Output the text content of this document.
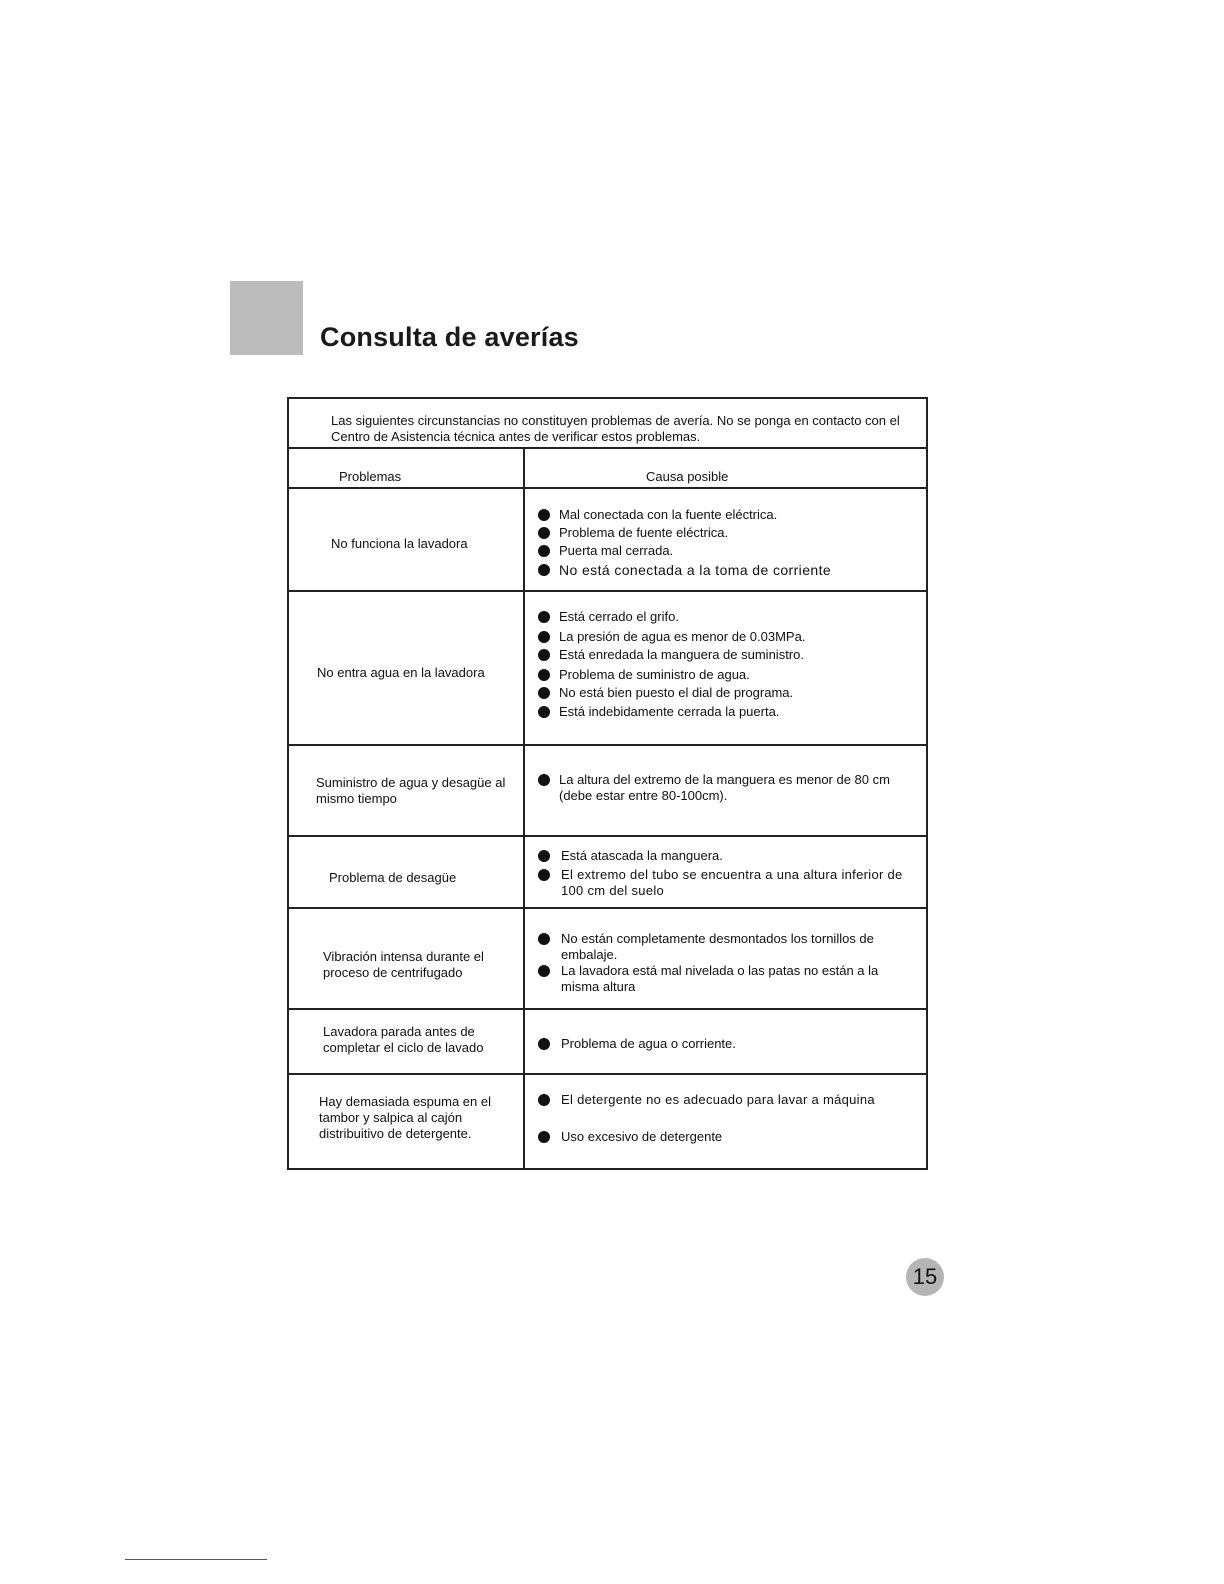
Consulta de averías
Las siguientes circunstancias no constituyen problemas de avería. No se ponga en contacto con el Centro de Asistencia técnica antes de verificar estos problemas.
Problemas	Causa posible
No funciona la lavadora
Mal conectada con la fuente eléctrica.
Problema de fuente eléctrica.
Puerta mal cerrada.
No está conectada a la toma de corriente
No entra agua en la lavadora
Está cerrado el grifo.
La presión de agua es menor de 0.03MPa.
Está enredada la manguera de suministro.
Problema de suministro de agua.
No está bien puesto el dial de programa.
Está indebidamente cerrada la puerta.
Suministro de agua y desagüe al mismo tiempo
La altura del extremo de la manguera es menor de 80 cm (debe estar entre 80-100cm).
Problema de desagüe
Está atascada la manguera.
El extremo del tubo se encuentra a una altura inferior de 100 cm del suelo
Vibración intensa durante el proceso de centrifugado
No están completamente desmontados los tornillos de embalaje.
La lavadora está mal nivelada o las patas no están a la misma altura
Lavadora parada antes de completar el ciclo de lavado	Problema de agua o corriente.
Hay demasiada espuma en el tambor y salpica al cajón distribuitivo de detergente.
El detergente no es adecuado para lavar a máquina
Uso excesivo de detergente
15
